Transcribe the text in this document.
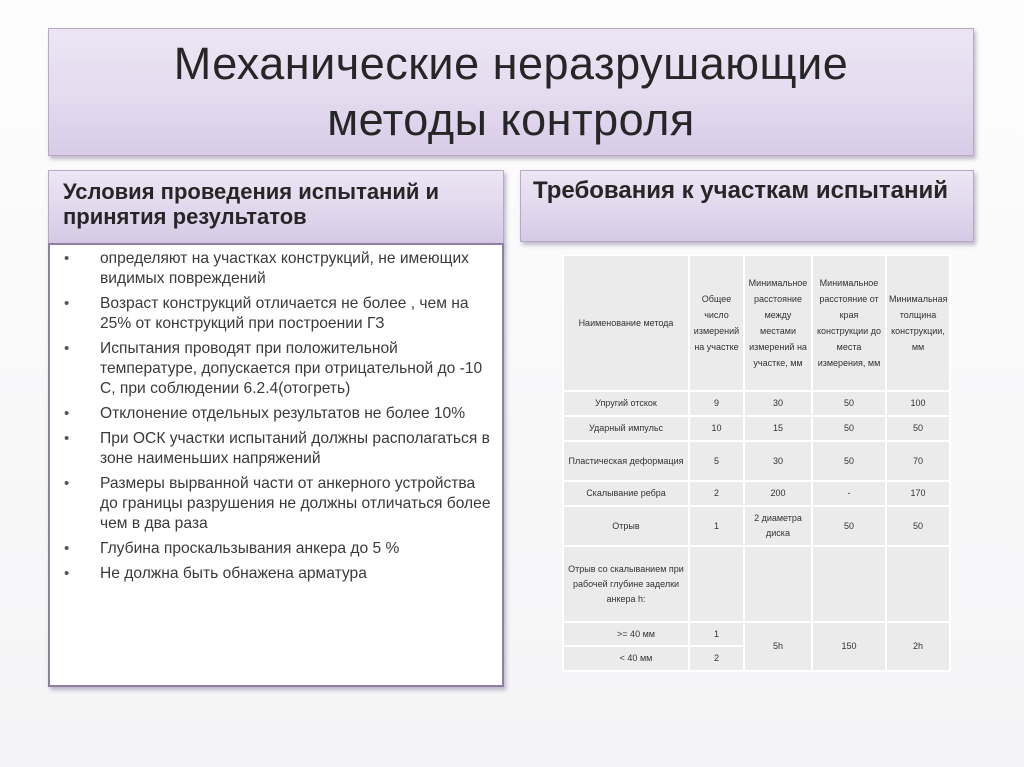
Механические неразрушающие
методы контроля
Условия проведения испытаний и принятия результатов
•	определяют на участках конструкций, не имеющих видимых повреждений
•	Возраст конструкций отличается не более , чем на 25% от конструкций при построении ГЗ
•	Испытания проводят при положительной температуре, допускается при отрицательной до -10 С, при соблюдении 6.2.4(отогреть)
•	Отклонение отдельных результатов не более 10%
•	При ОСК участки испытаний должны располагаться в зоне наименьших напряжений
•	Размеры вырванной части от анкерного устройства до границы разрушения не должны отличаться более чем в два раза
•	Глубина проскальзывания анкера до 5 %
•	Не должна быть обнажена арматура
Требования к участкам испытаний
Наименование метода	Общее число измерений на участке	Минимальное расстояние между местами измерений на участке, мм	Минимальное расстояние от края конструкции до места измерения, мм	Минимальная толщина конструкции, мм
Упругий отскок	9	30	50	100
Ударный импульс	10	15	50	50
Пластическая деформация	5	30	50	70
Скалывание ребра	2	200	-	170
Отрыв	1	2 диаметра диска	50	50
Отрыв со скалыванием при рабочей глубине заделки анкера h:				
>= 40 мм	1	5h	150	2h
< 40 мм	2			
